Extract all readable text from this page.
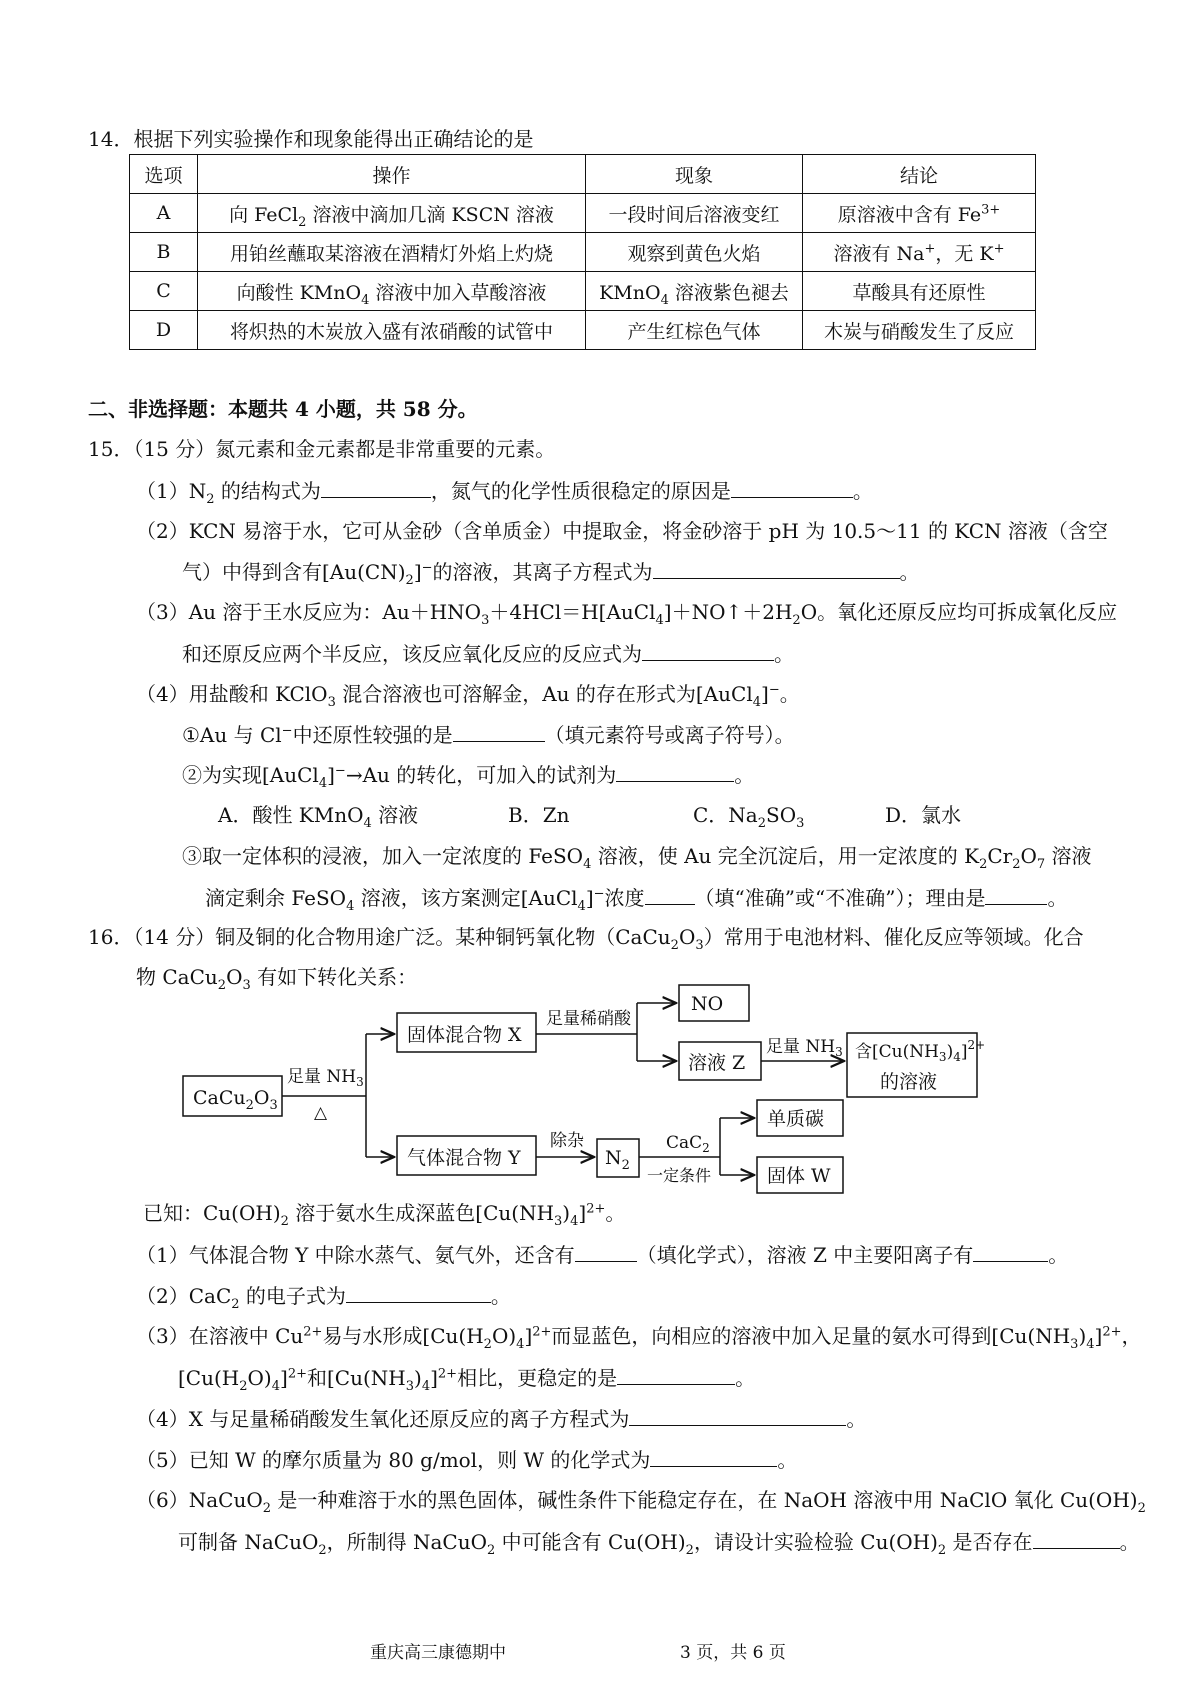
14．根据下列实验操作和现象能得出正确结论的是
选项	操作	现象	结论
A	向 FeCl$_2$ 溶液中滴加几滴 KSCN 溶液	一段时间后溶液变红	原溶液中含有 $Fe^{3+}$
B	用铂丝蘸取某溶液在酒精灯外焰上灼烧	观察到黄色火焰	溶液有 Na+，无 K+
C	向酸性 KMnO$_4$ 溶液中加入草酸溶液	KMnO$_4$ 溶液紫色褪去	草酸具有还原性
D	将炽热的木炭放入盛有浓硝酸的试管中	产生红棕色气体	木炭与硝酸发生了反应
二、非选择题：本题共 4 小题，共 58 分。
15．（15 分）氮元素和金元素都是非常重要的元素。
$(1)N_2$ 的结构式为	，氮气的化学性质很稳定的原因是	。
（2）KCN 易溶于水，它可从金砂（含单质金）中提取金，将金砂溶于 pH 为 10.5～11 的 KCN 溶液（含空
气）中得到含有$[Au(CN)_2]^-$的溶液，其离子方程式为	。
（3）Au 溶于王水反应为：$Au+HNO_3+4HCl=H[AuCl_4]+NO↑+2H_2O$。氧化还原反应均可拆成氧化反应
和还原反应两个半反应，该反应氧化反应的反应式为	。
（4）用盐酸和 KClO$_3$ 混合溶液也可溶解金，Au 的存在形式为[AuCl$_4$]−。
①Au 与 Cl−中还原性较强的是	（填元素符号或离子符号）。
②为实现[AuCl$_4$]−→Au 的转化，可加入的试剂为	。
A．酸性 KMnO$_4$ 溶液	B．Zn	C．$Na_2SO_3$	D．氯水
③取一定体积的浸液，加入一定浓度的 FeSO$_4$ 溶液，使 Au 完全沉淀后，用一定浓度的 $K_2Cr_2O_7$ 溶液
滴定剩余 FeSO$_4$ 溶液，该方案测定[AuCl$_4$]−浓度	（填“准确”或“不准确”）；理由是	。
16．（14 分）铜及铜的化合物用途广泛。某种铜钙氧化物$(CaCu_2O_3)$常用于电池材料、催化反应等领域。化合
物 $CaCu_2O_3$ 有如下转化关系：
$CaCu_2O_3$
足量 $NH_3$
△
固体混合物 X
足量稀硝酸
NO
溶液 Z
足量 $NH_3$ 含$[Cu(NH_3)_4]^{2+}$
的溶液
气体混合物 Y
除杂
$N_2$
CaC$_2$
一定条件
单质碳
固体 W
已知：$Cu(OH)_2$ 溶于氨水生成深蓝色$[Cu(NH_3)_4]^{2+}$。
（1）气体混合物 Y 中除水蒸气、氨气外，还含有	（填化学式），溶液 Z 中主要阳离子有	。
（2）CaC$_2$ 的电子式为	。
（3）在溶液中 $Cu^{2+}$易与水形成$[Cu(H_2O)_4]^{2+}$而显蓝色，向相应的溶液中加入足量的氨水可得到$[Cu(NH_3)_4]^{2+}$，
$[Cu(H_2O)_4]^{2+}$和$[Cu(NH_3)_4]^{2+}$相比，更稳定的是	。
（4）X 与足量稀硝酸发生氧化还原反应的离子方程式为	。
（5）已知 W 的摩尔质量为 80 g/mol，则 W 的化学式为	。
（6）NaCuO$_2$ 是一种难溶于水的黑色固体，碱性条件下能稳定存在，在 NaOH 溶液中用 NaClO 氧化 $Cu(OH)_2$
可制备 NaCuO$_2$，所制得 NaCuO$_2$ 中可能含有 $Cu(OH)_2$，请设计实验检验 $Cu(OH)_2$ 是否存在	。
重庆高三康德期中	3 页，共 6 页
